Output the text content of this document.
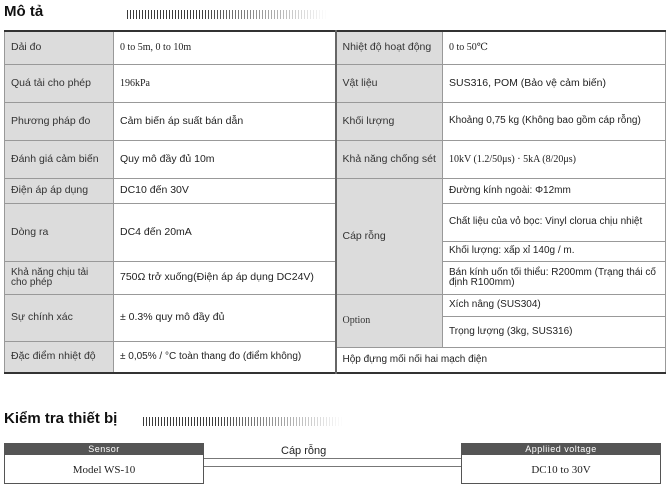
Mô tả
Dải đo	0 to 5m, 0 to 10m	Nhiệt độ hoạt động	0 to 50℃
Quá tải cho phép	196kPa	Vật liệu	SUS316, POM (Bảo vệ cảm biến)
Phương pháp đo	Cảm biến áp suất bán dẫn	Khối lượng	Khoảng 0,75 kg (Không bao gồm cáp rỗng)
Đánh giá cảm biến	Quy mô đầy đủ 10m	Khả năng chống sét	10kV (1.2/50μs) · 5kA (8/20μs)
Điện áp áp dụng	DC10 đến 30V	Cáp rỗng	Đường kính ngoài: Φ12mm
Dòng ra	DC4 đến 20mA		Chất liệu của vỏ bọc: Vinyl clorua chịu nhiệt
			Khối lượng: xấp xỉ 140g / m.
Khả năng chịu tải cho phép	750Ω trở xuống(Điện áp áp dụng DC24V)		Bán kính uốn tối thiểu: R200mm (Trạng thái cố định R100mm)
Sự chính xác	± 0.3% quy mô đầy đủ	Option	Xích nâng (SUS304)
			Trọng lượng (3kg, SUS316)
Đặc điểm nhiệt độ	± 0,05% / °C toàn thang đo (điểm không)		
		Hộp đựng mối nối hai mạch điện	
Kiểm tra thiết bị
Sensor
Model WS-10
Cáp rỗng	Appliied voltage
DC10 to 30V
